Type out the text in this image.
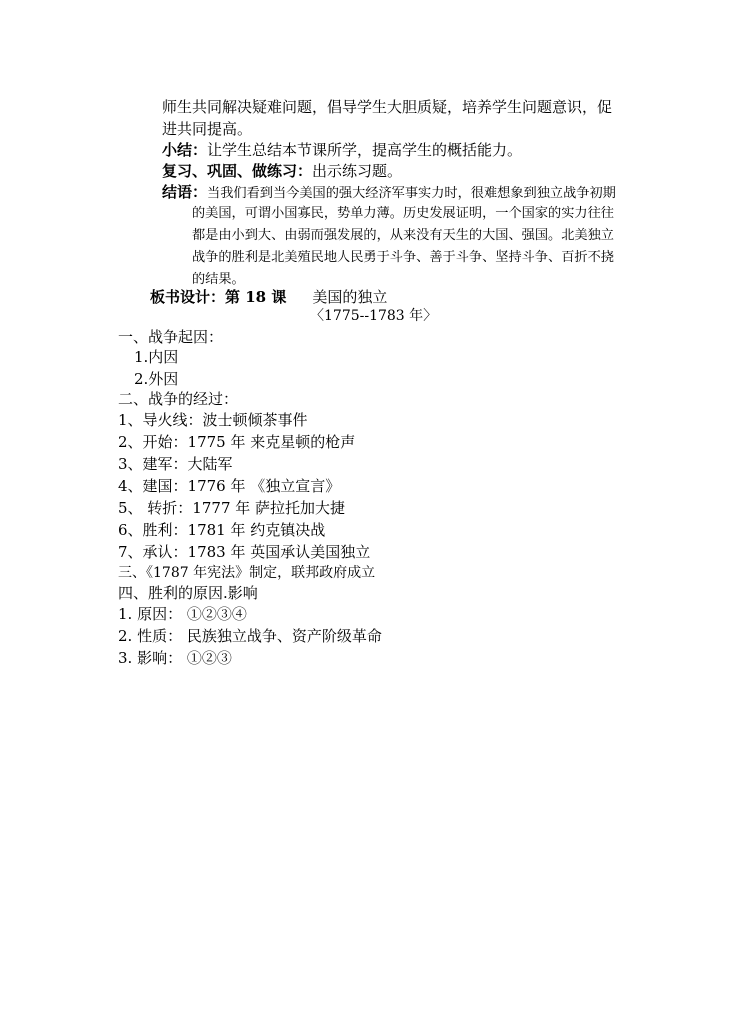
师生共同解决疑难问题，倡导学生大胆质疑，培养学生问题意识，促
进共同提高。
小结：让学生总结本节课所学，提高学生的概括能力。
复习、巩固、做练习：出示练习题。
结语：当我们看到当今美国的强大经济军事实力时，很难想象到独立战争初期
的美国，可谓小国寡民，势单力薄。历史发展证明，一个国家的实力往往
都是由小到大、由弱而强发展的，从来没有天生的大国、强国。北美独立
战争的胜利是北美殖民地人民勇于斗争、善于斗争、坚持斗争、百折不挠
的结果。
板书设计：第 18 课 美国的独立
〈1775--1783 年〉
一、战争起因：
1.内因
2.外因
二、战争的经过：
1、导火线：波士顿倾茶事件
2、开始：1775 年 来克星顿的枪声
3、建军：大陆军
4、建国：1776 年 《独立宣言》
5、 转折：1777 年 萨拉托加大捷
6、胜利：1781 年 约克镇决战
7、承认：1783 年 英国承认美国独立
三、《1787 年宪法》制定，联邦政府成立
四、胜利的原因.影响
1. 原因： ①②③④
2. 性质： 民族独立战争、资产阶级革命
3. 影响： ①②③
